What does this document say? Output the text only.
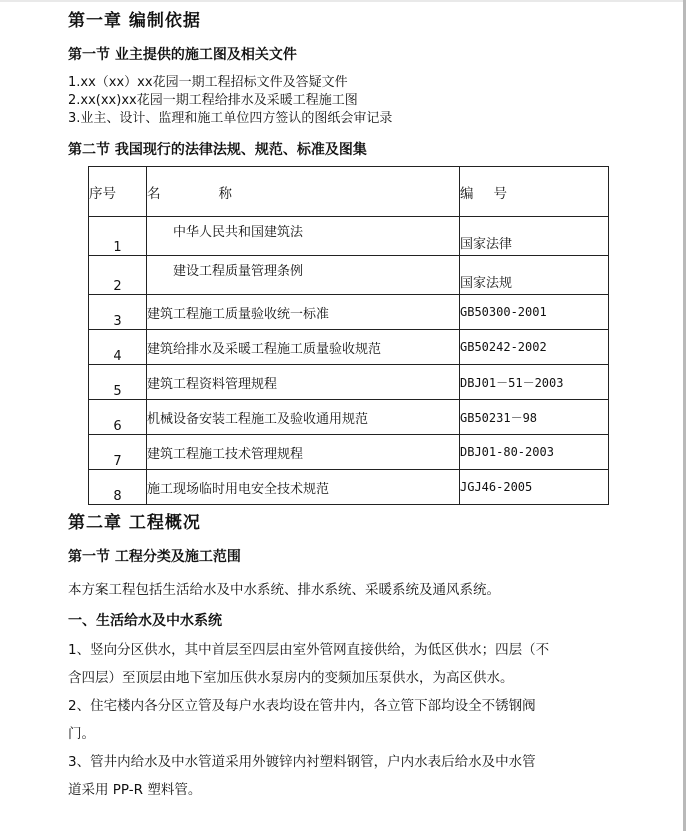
第一章 编制依据
第一节 业主提供的施工图及相关文件
1.xx（xx）xx花园一期工程招标文件及答疑文件
2.xx(xx)xx花园一期工程给排水及采暖工程施工图
3.业主、设计、监理和施工单位四方签认的图纸会审记录
第二节 我国现行的法律法规、规范、标准及图集
序号	名 称	编 号
1	中华人民共和国建筑法	国家法律
2	建设工程质量管理条例	国家法规
3	建筑工程施工质量验收统一标准	GB50300-2001
4	建筑给排水及采暖工程施工质量验收规范	GB50242-2002
5	建筑工程资料管理规程	DBJ01－51－2003
6	机械设备安装工程施工及验收通用规范	GB50231－98
7	建筑工程施工技术管理规程	DBJ01-80-2003
8	施工现场临时用电安全技术规范	JGJ46-2005
第二章 工程概况
第一节 工程分类及施工范围
本方案工程包括生活给水及中水系统、排水系统、采暖系统及通风系统。
一、生活给水及中水系统
1、竖向分区供水，其中首层至四层由室外管网直接供给，为低区供水；四层（不
含四层）至顶层由地下室加压供水泵房内的变频加压泵供水，为高区供水。
2、住宅楼内各分区立管及每户水表均设在管井内，各立管下部均设全不锈钢阀
门。
3、管井内给水及中水管道采用外镀锌内衬塑料钢管，户内水表后给水及中水管
道采用 PP-R 塑料管。
